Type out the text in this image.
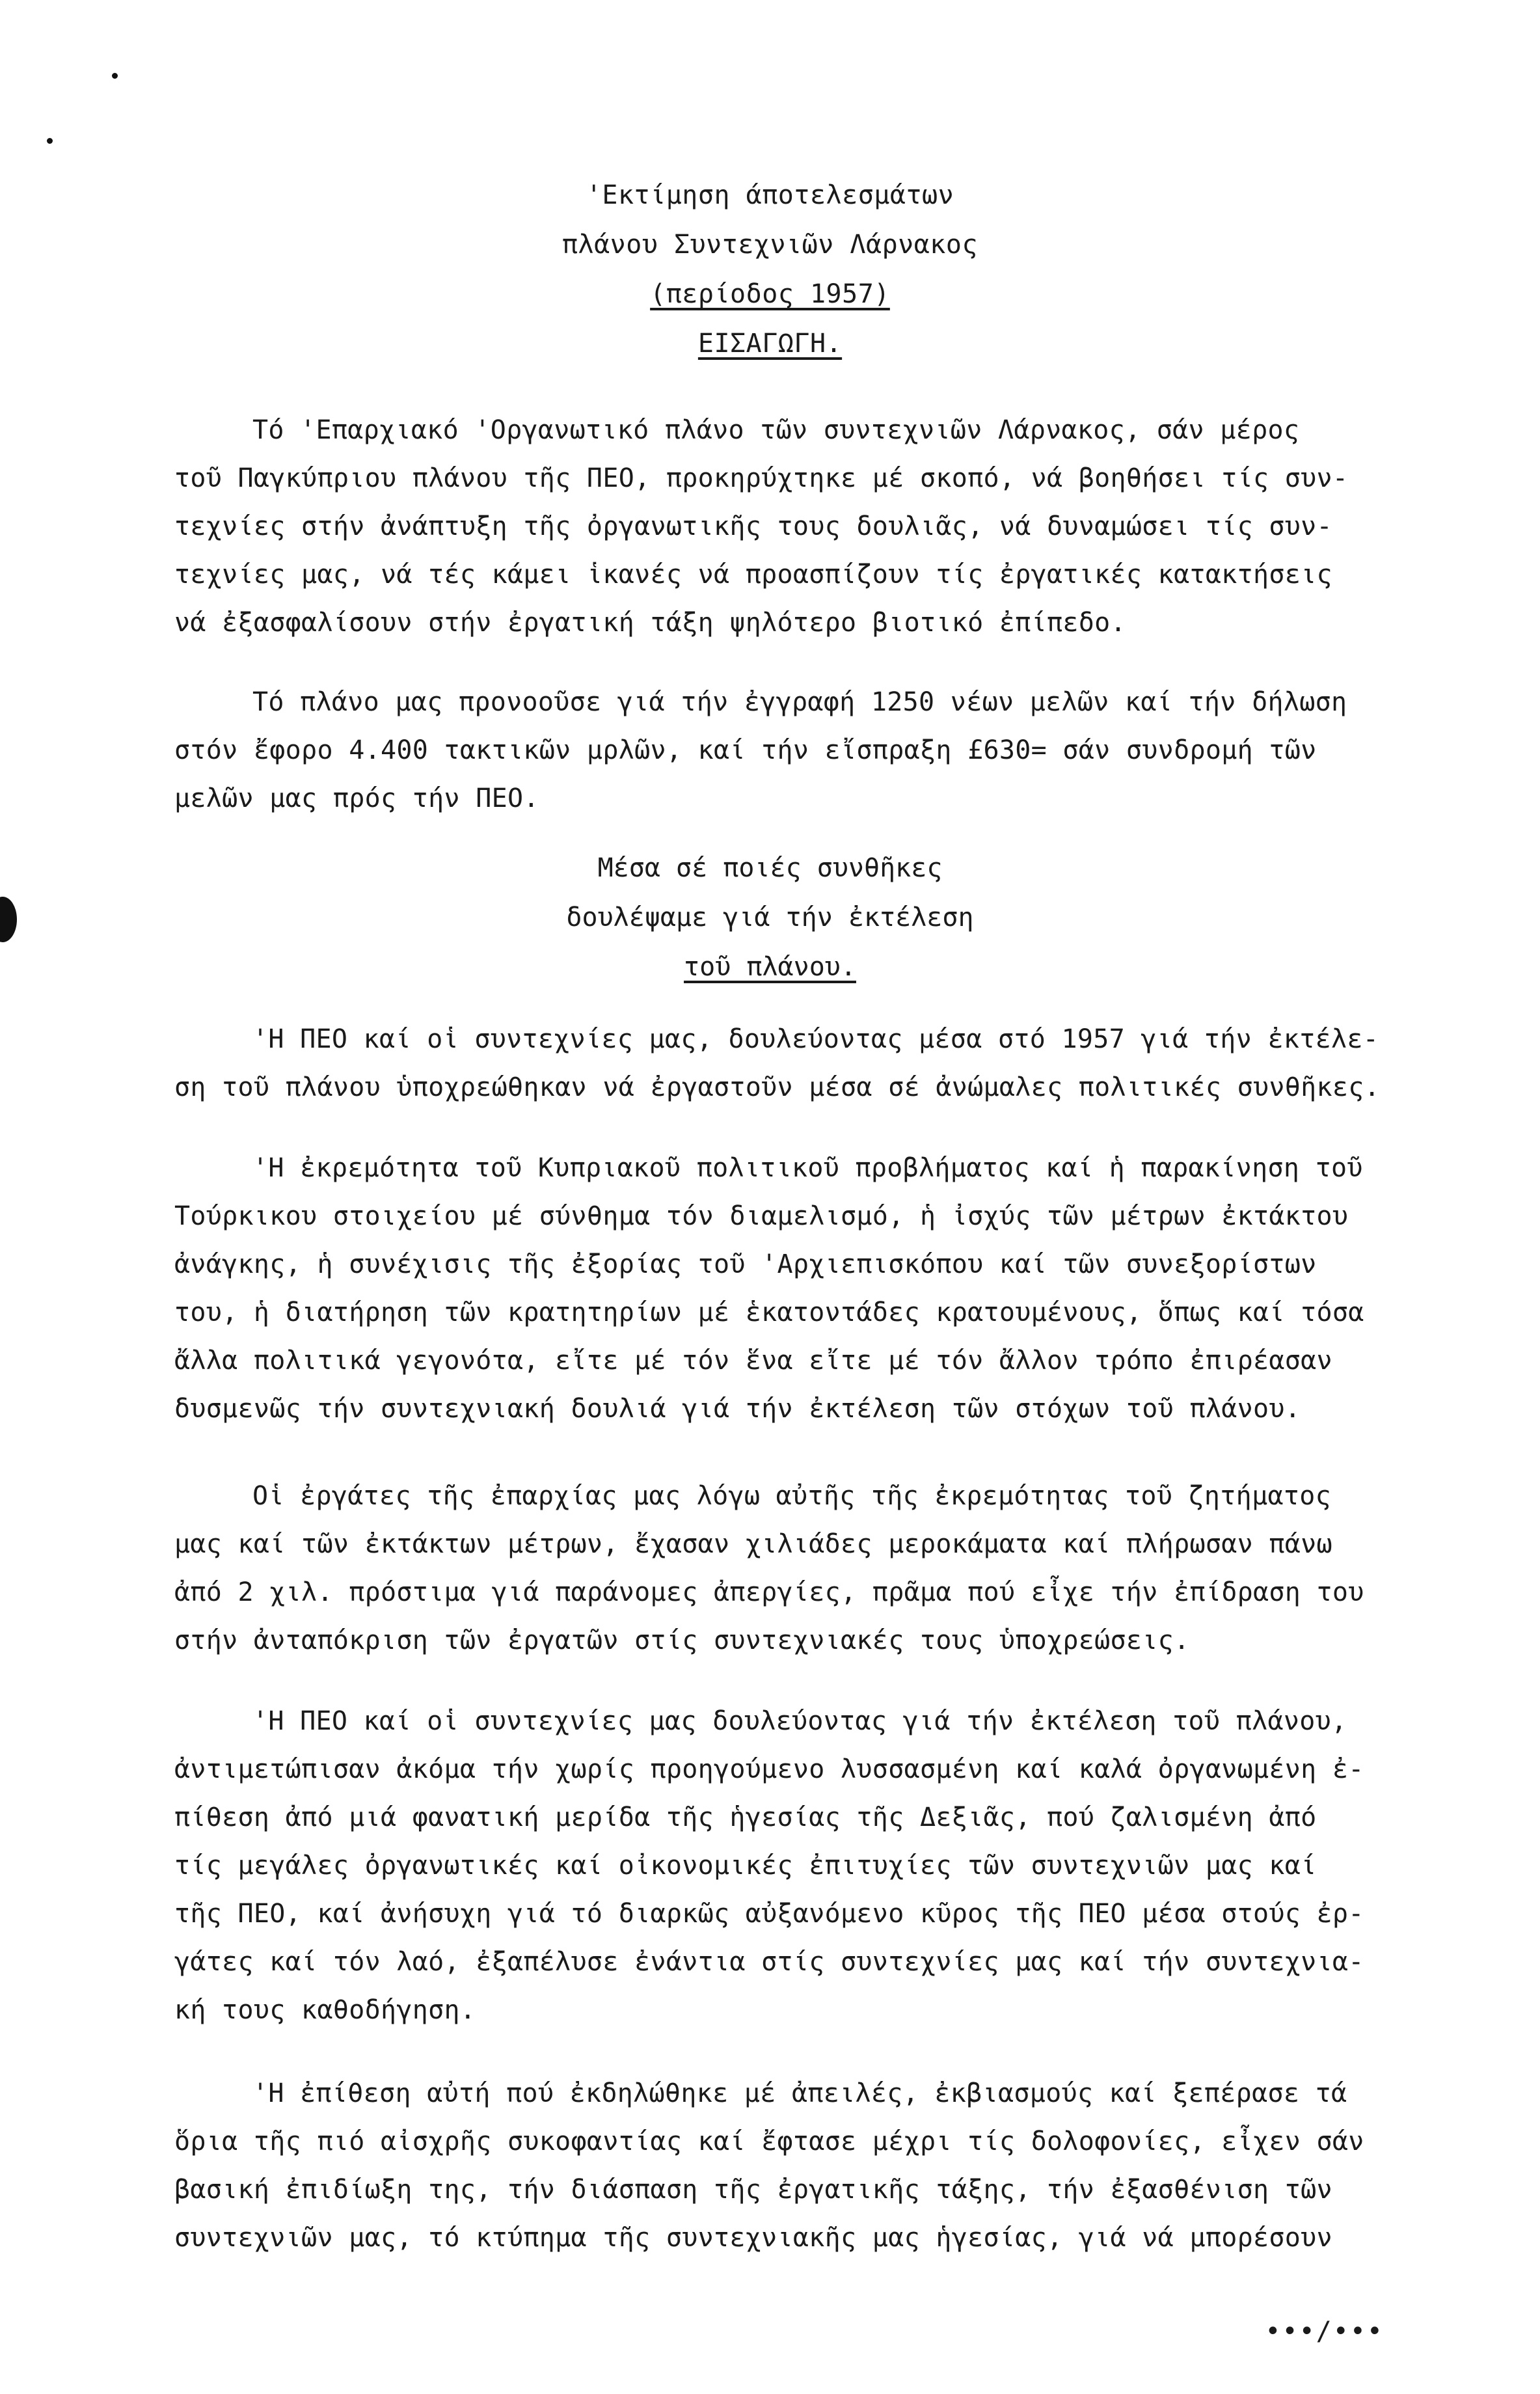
'Εκτίμηση άποτελεσμάτων
πλάνου Συντεχνιῶν Λάρνακος
(περίοδος 1957)
ΕΙΣΑΓΩΓΗ.
Τό 'Επαρχιακό 'Οργανωτικό πλάνο τῶν συντεχνιῶν Λάρνακος, σάν μέρος
τοῦ Παγκύπριου πλάνου τῆς ΠΕΟ, προκηρύχτηκε μέ σκοπό, νά βοηθήσει τίς συν-
τεχνίες στήν ἀνάπτυξη τῆς ὀργανωτικῆς τους δουλιᾶς, νά δυναμώσει τίς συν-
τεχνίες μας, νά τές κάμει ἱκανές νά προασπίζουν τίς ἐργατικές κατακτήσεις
νά ἐξασφαλίσουν στήν ἐργατική τάξη ψηλότερο βιοτικό ἐπίπεδο.
Τό πλάνο μας προνοοῦσε γιά τήν ἐγγραφή 1250 νέων μελῶν καί τήν δήλωση
στόν ἔφορο 4.400 τακτικῶν μρλῶν, καί τήν εἴσπραξη £630= σάν συνδρομή τῶν
μελῶν μας πρός τήν ΠΕΟ.
Μέσα σέ ποιές συνθῆκες
δουλέψαμε γιά τήν ἐκτέλεση
τοῦ πλάνου.
'Η ΠΕΟ καί οἱ συντεχνίες μας, δουλεύοντας μέσα στό 1957 γιά τήν ἐκτέλε-
ση τοῦ πλάνου ὑποχρεώθηκαν νά ἐργαστοῦν μέσα σέ ἀνώμαλες πολιτικές συνθῆκες.
'Η ἐκρεμότητα τοῦ Κυπριακοῦ πολιτικοῦ προβλήματος καί ἡ παρακίνηση τοῦ
Τούρκικου στοιχείου μέ σύνθημα τόν διαμελισμό, ἡ ἰσχύς τῶν μέτρων ἐκτάκτου
ἀνάγκης, ἡ συνέχισις τῆς ἐξορίας τοῦ 'Αρχιεπισκόπου καί τῶν συνεξορίστων
του, ἡ διατήρηση τῶν κρατητηρίων μέ ἑκατοντάδες κρατουμένους, ὅπως καί τόσα
ἄλλα πολιτικά γεγονότα, εἴτε μέ τόν ἕνα εἴτε μέ τόν ἄλλον τρόπο ἐπιρέασαν
δυσμενῶς τήν συντεχνιακή δουλιά γιά τήν ἐκτέλεση τῶν στόχων τοῦ πλάνου.
Οἱ ἐργάτες τῆς ἐπαρχίας μας λόγω αὐτῆς τῆς ἐκρεμότητας τοῦ ζητήματος
μας καί τῶν ἐκτάκτων μέτρων, ἔχασαν χιλιάδες μεροκάματα καί πλήρωσαν πάνω
ἀπό 2 χιλ. πρόστιμα γιά παράνομες ἀπεργίες, πρᾶμα πού εἶχε τήν ἐπίδραση του
στήν ἀνταπόκριση τῶν ἐργατῶν στίς συντεχνιακές τους ὑποχρεώσεις.
'Η ΠΕΟ καί οἱ συντεχνίες μας δουλεύοντας γιά τήν ἐκτέλεση τοῦ πλάνου,
ἀντιμετώπισαν ἀκόμα τήν χωρίς προηγούμενο λυσσασμένη καί καλά ὀργανωμένη ἐ-
πίθεση ἀπό μιά φανατική μερίδα τῆς ἡγεσίας τῆς Δεξιᾶς, πού ζαλισμένη ἀπό
τίς μεγάλες ὀργανωτικές καί οἰκονομικές ἐπιτυχίες τῶν συντεχνιῶν μας καί
τῆς ΠΕΟ, καί ἀνήσυχη γιά τό διαρκῶς αὐξανόμενο κῦρος τῆς ΠΕΟ μέσα στούς ἐρ-
γάτες καί τόν λαό, ἐξαπέλυσε ἐνάντια στίς συντεχνίες μας καί τήν συντεχνια-
κή τους καθοδήγηση.
'Η ἐπίθεση αὐτή πού ἐκδηλώθηκε μέ ἀπειλές, ἐκβιασμούς καί ξεπέρασε τά
ὅρια τῆς πιό αἰσχρῆς συκοφαντίας καί ἔφτασε μέχρι τίς δολοφονίες, εἶχεν σάν
βασική ἐπιδίωξη της, τήν διάσπαση τῆς ἐργατικῆς τάξης, τήν ἐξασθένιση τῶν
συντεχνιῶν μας, τό κτύπημα τῆς συντεχνιακῆς μας ἡγεσίας, γιά νά μπορέσουν
•••/•••
